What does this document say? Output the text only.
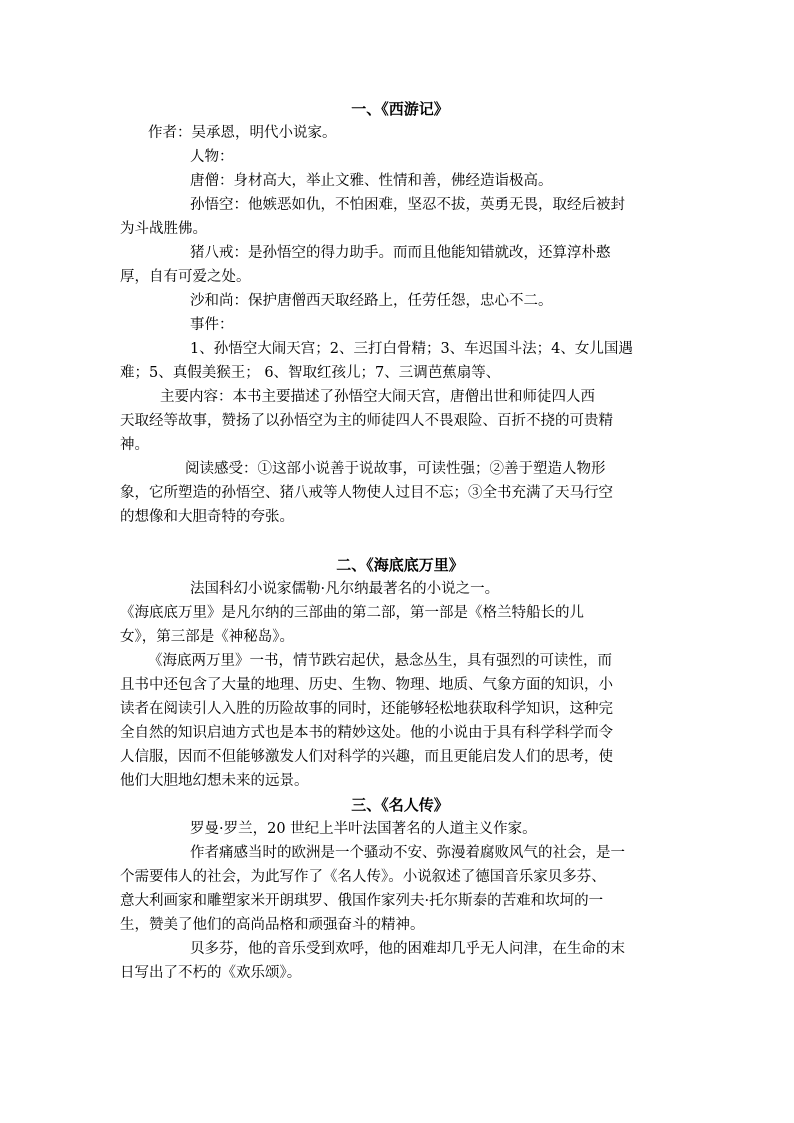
一、《西游记》
作者：吴承恩，明代小说家。
人物：
唐僧：身材高大，举止文雅、性情和善，佛经造诣极高。
孙悟空：他嫉恶如仇，不怕困难，坚忍不拔，英勇无畏，取经后被封
为斗战胜佛。
猪八戒：是孙悟空的得力助手。而而且他能知错就改，还算淳朴憨
厚，自有可爱之处。
沙和尚：保护唐僧西天取经路上，任劳任怨，忠心不二。
事件：
1、孙悟空大闹天宫；2、三打白骨精；3、车迟国斗法；4、女儿国遇
难；5、真假美猴王； 6、智取红孩儿；7、三调芭蕉扇等、
主要内容：本书主要描述了孙悟空大闹天宫，唐僧出世和师徒四人西
天取经等故事，赞扬了以孙悟空为主的师徒四人不畏艰险、百折不挠的可贵精
神。
阅读感受：①这部小说善于说故事，可读性强；②善于塑造人物形
象，它所塑造的孙悟空、猪八戒等人物使人过目不忘；③全书充满了天马行空
的想像和大胆奇特的夸张。
二、《海底底万里》
法国科幻小说家儒勒·凡尔纳最著名的小说之一。
《海底底万里》是凡尔纳的三部曲的第二部，第一部是《格兰特船长的儿
女》，第三部是《神秘岛》。
《海底两万里》一书，情节跌宕起伏，悬念丛生，具有强烈的可读性，而
且书中还包含了大量的地理、历史、生物、物理、地质、气象方面的知识，小
读者在阅读引人入胜的历险故事的同时，还能够轻松地获取科学知识，这种完
全自然的知识启迪方式也是本书的精妙这处。他的小说由于具有科学科学而令
人信服，因而不但能够激发人们对科学的兴趣，而且更能启发人们的思考，使
他们大胆地幻想未来的远景。
三、《名人传》
罗曼·罗兰，20 世纪上半叶法国著名的人道主义作家。
作者痛感当时的欧洲是一个骚动不安、弥漫着腐败风气的社会，是一
个需要伟人的社会，为此写作了《名人传》。小说叙述了德国音乐家贝多芬、
意大利画家和雕塑家米开朗琪罗、俄国作家列夫·托尔斯泰的苦难和坎坷的一
生，赞美了他们的高尚品格和顽强奋斗的精神。
贝多芬，他的音乐受到欢呼，他的困难却几乎无人问津，在生命的末
日写出了不朽的《欢乐颂》。
